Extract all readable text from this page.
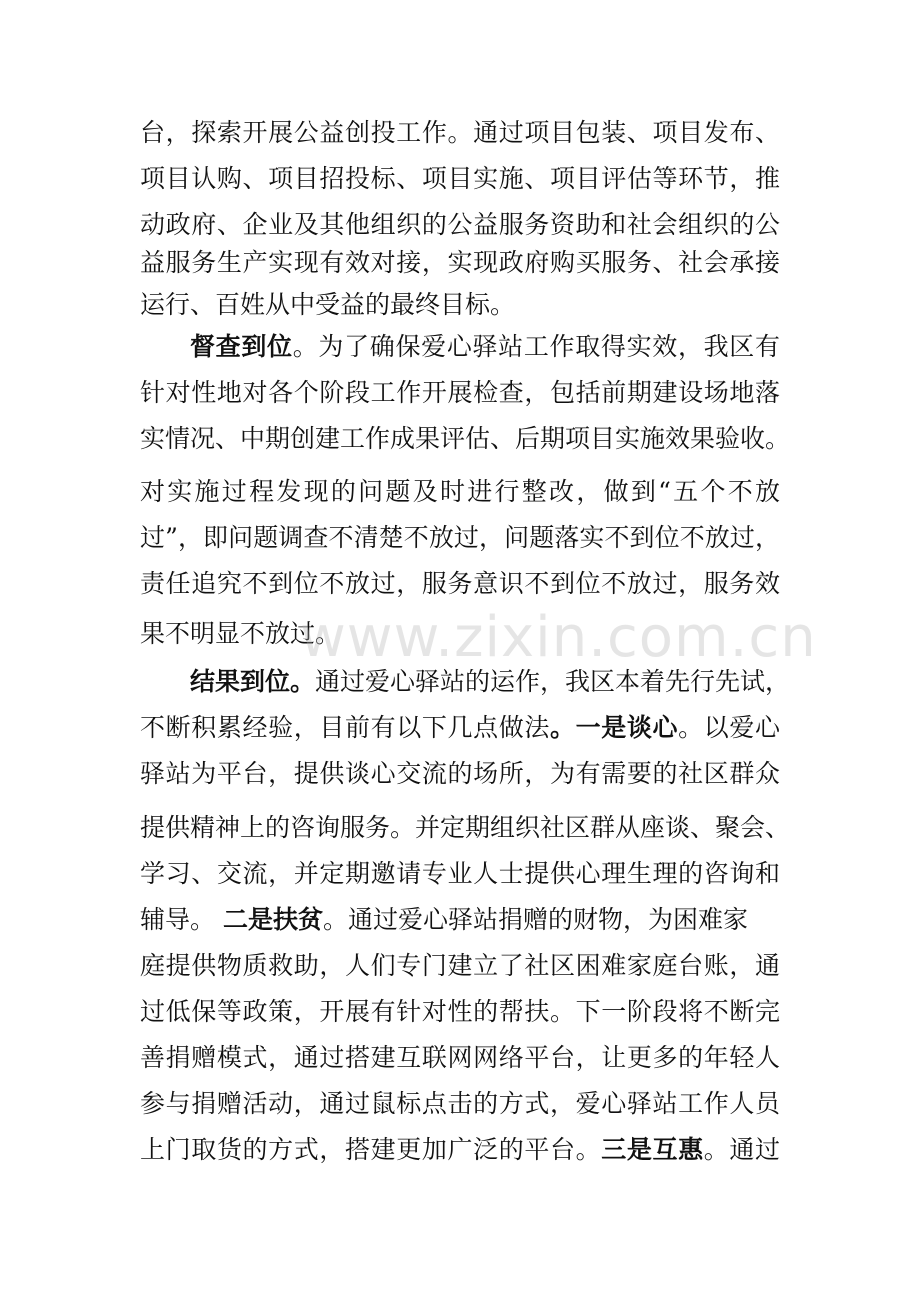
台，探索开展公益创投工作。通过项目包装、项目发布、
项目认购、项目招投标、项目实施、项目评估等环节，推
动政府、企业及其他组织的公益服务资助和社会组织的公
益服务生产实现有效对接，实现政府购买服务、社会承接
运行、百姓从中受益的最终目标。
督查到位。为了确保爱心驿站工作取得实效，我区有
针对性地对各个阶段工作开展检查，包括前期建设场地落
实情况、中期创建工作成果评估、后期项目实施效果验收。
对实施过程发现的问题及时进行整改，做到“五个不放
过”，即问题调查不清楚不放过，问题落实不到位不放过，
责任追究不到位不放过，服务意识不到位不放过，服务效
果不明显不放过。
www.zixin.com.cn
结果到位。通过爱心驿站的运作，我区本着先行先试，
不断积累经验，目前有以下几点做法。一是谈心。以爱心
驿站为平台，提供谈心交流的场所，为有需要的社区群众
提供精神上的咨询服务。并定期组织社区群从座谈、聚会、
学习、交流，并定期邀请专业人士提供心理生理的咨询和
辅导。 二是扶贫。通过爱心驿站捐赠的财物，为困难家
庭提供物质救助，人们专门建立了社区困难家庭台账，通
过低保等政策，开展有针对性的帮扶。下一阶段将不断完
善捐赠模式，通过搭建互联网网络平台，让更多的年轻人
参与捐赠活动，通过鼠标点击的方式，爱心驿站工作人员
上门取货的方式，搭建更加广泛的平台。三是互惠。通过
